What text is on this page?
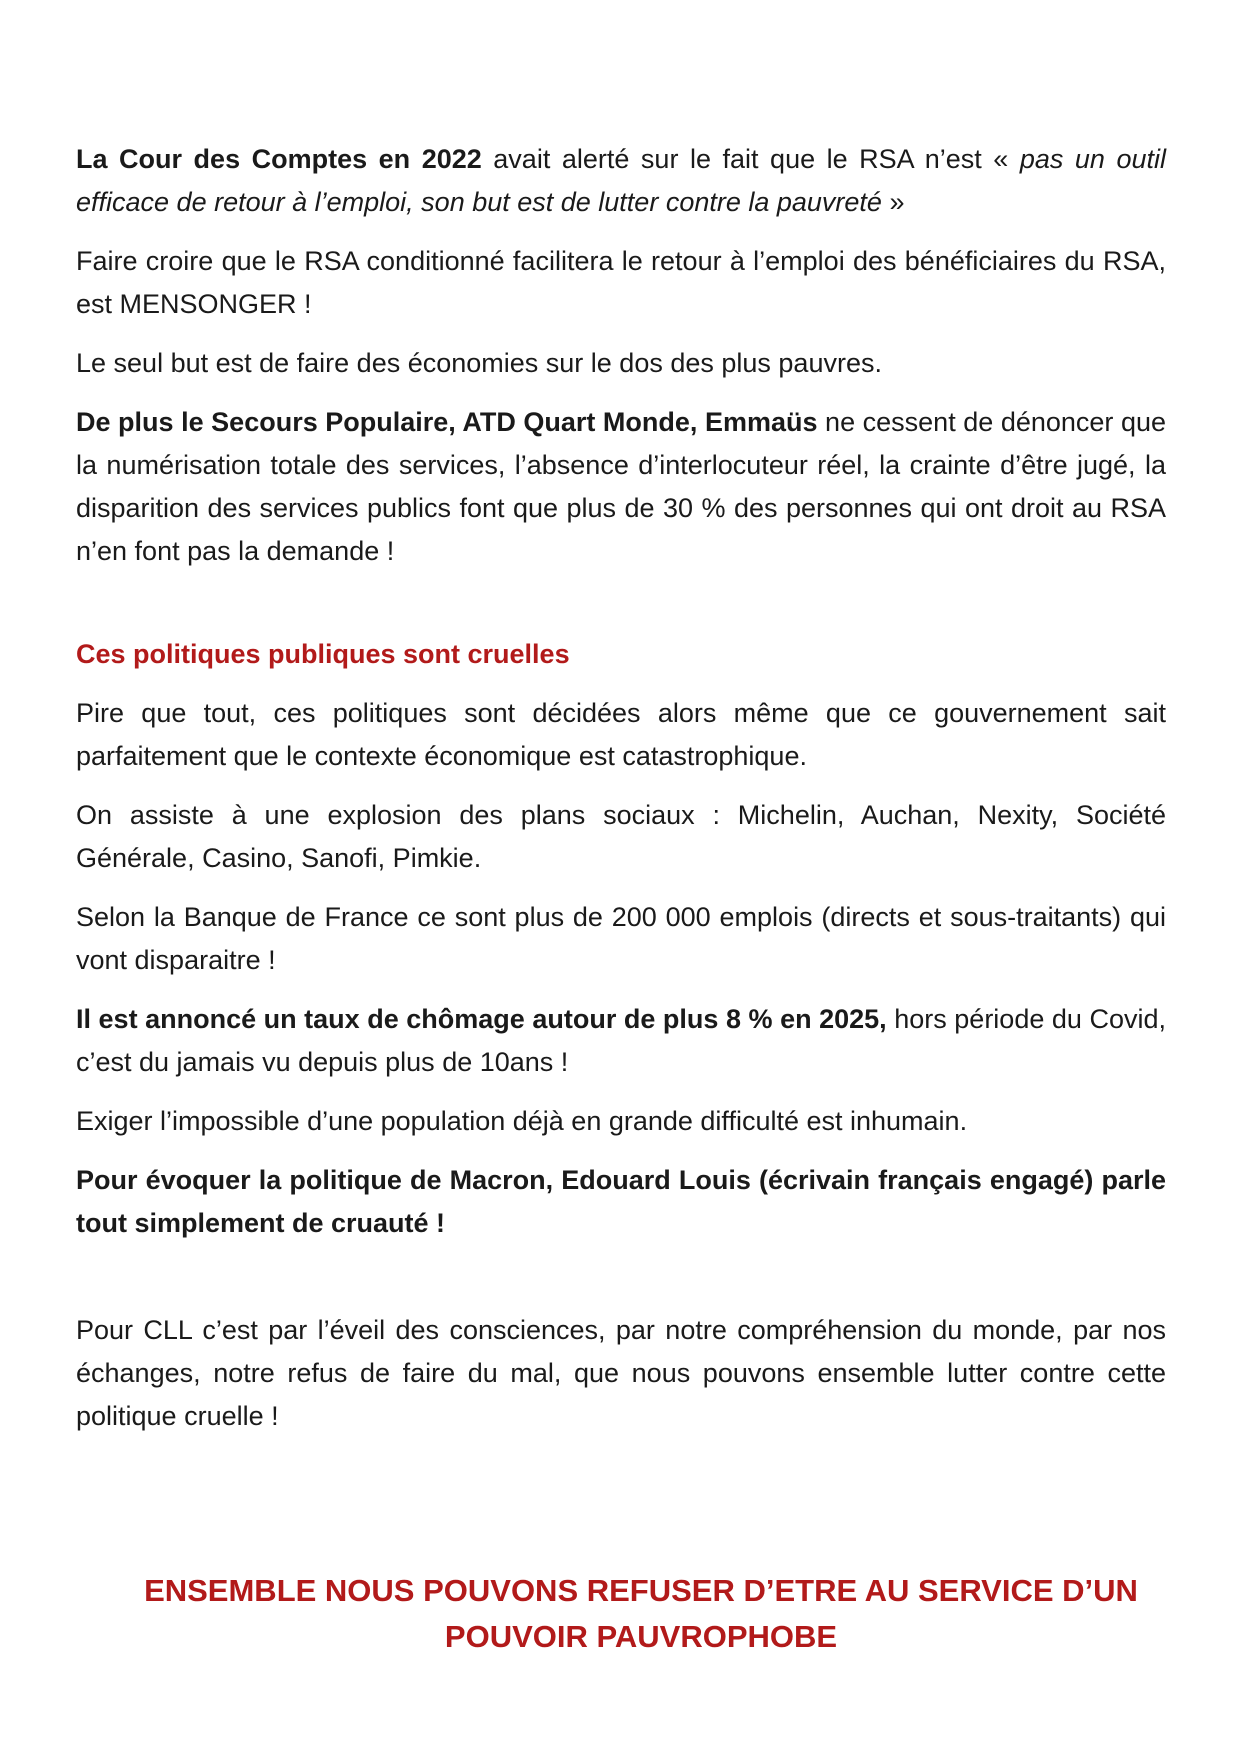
La Cour des Comptes en 2022 avait alerté sur le fait que le RSA n’est « pas un outil efficace de retour à l’emploi, son but est de lutter contre la pauvreté »

Faire croire que le RSA conditionné facilitera le retour à l’emploi des bénéficiaires du RSA, est MENSONGER !

Le seul but est de faire des économies sur le dos des plus pauvres.

De plus le Secours Populaire, ATD Quart Monde, Emmaüs ne cessent de dénoncer que la numérisation totale des services, l’absence d’interlocuteur réel, la crainte d’être jugé, la disparition des services publics font que plus de 30 % des personnes qui ont droit au RSA n’en font pas la demande !

Ces politiques publiques sont cruelles

Pire que tout, ces politiques sont décidées alors même que ce gouvernement sait parfaitement que le contexte économique est catastrophique.

On assiste à une explosion des plans sociaux : Michelin, Auchan, Nexity, Société Générale, Casino, Sanofi, Pimkie.

Selon la Banque de France ce sont plus de 200 000 emplois (directs et sous-traitants) qui vont disparaitre !

Il est annoncé un taux de chômage autour de plus 8 % en 2025, hors période du Covid, c’est du jamais vu depuis plus de 10ans !

Exiger l’impossible d’une population déjà en grande difficulté est inhumain.

Pour évoquer la politique de Macron, Edouard Louis (écrivain français engagé) parle tout simplement de cruauté !

Pour CLL c’est par l’éveil des consciences, par notre compréhension du monde, par nos échanges, notre refus de faire du mal, que nous pouvons ensemble lutter contre cette politique cruelle !

ENSEMBLE NOUS POUVONS REFUSER D’ETRE AU SERVICE D’UN
POUVOIR PAUVROPHOBE
